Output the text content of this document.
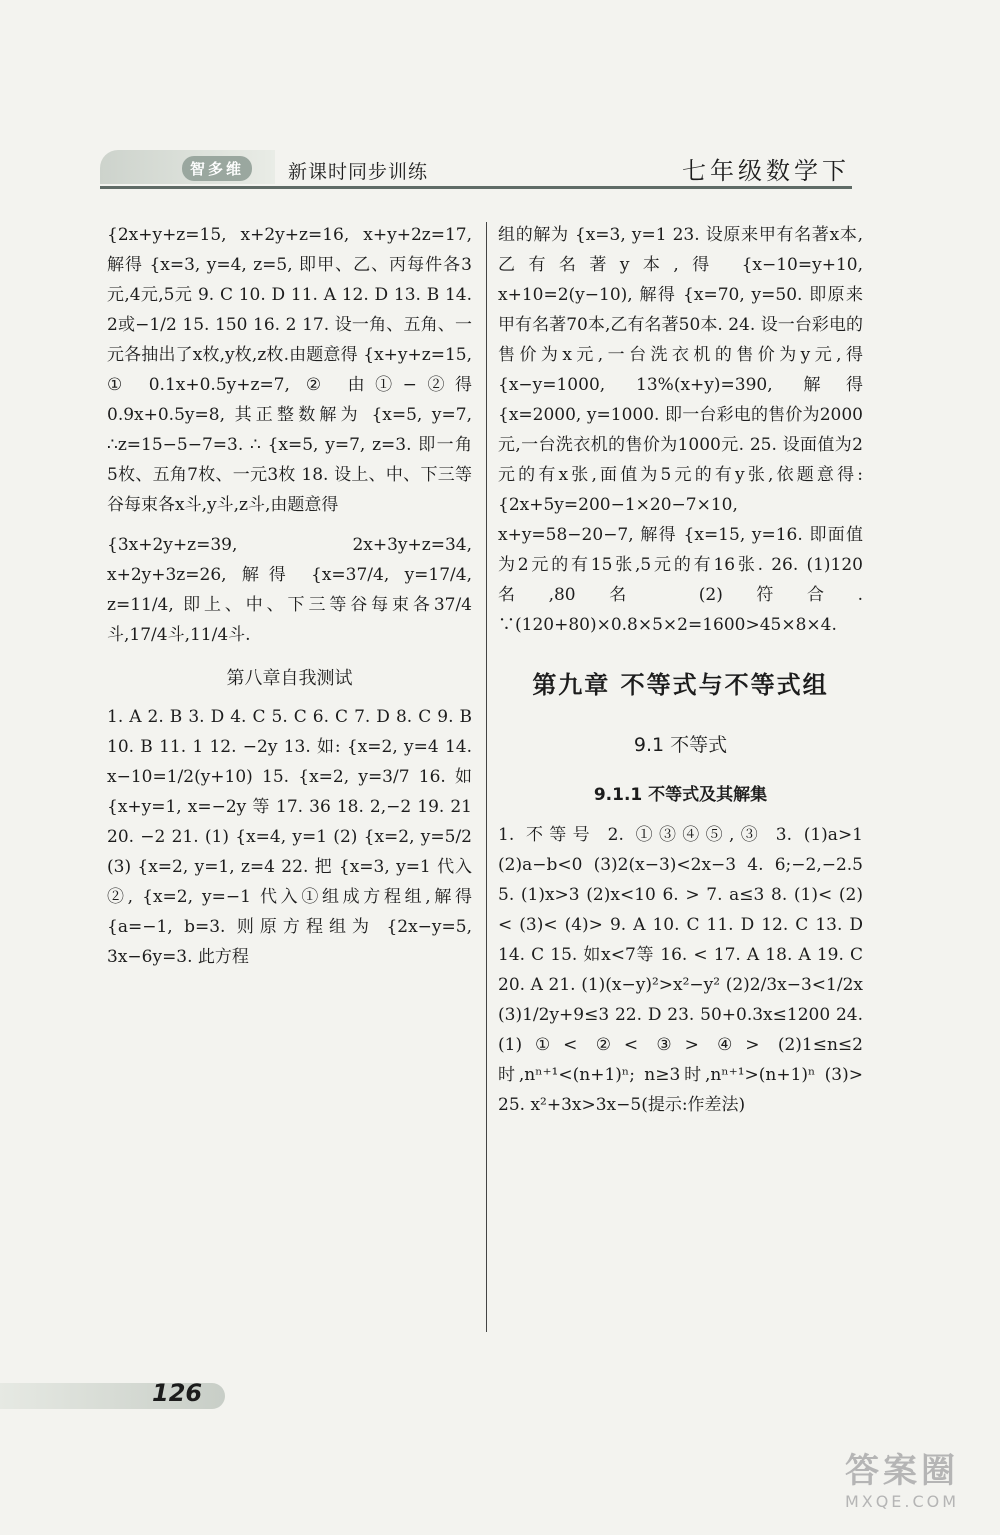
智多维	新课时同步训练	七年级数学下

{2x+y+z=15, x+2y+z=16, x+y+2z=17, 解得 {x=3, y=4, z=5, 即甲、乙、丙每件各3元,4元,5元 9. C 10. D 11. A 12. D 13. B 14. 2或−1/2 15. 150 16. 2 17. 设一角、五角、一元各抽出了x枚,y枚,z枚.由题意得 {x+y+z=15, ① 0.1x+0.5y+z=7, ② 由①−②得 0.9x+0.5y=8, 其正整数解为 {x=5, y=7, ∴z=15−5−7=3. ∴ {x=5, y=7, z=3. 即一角5枚、五角7枚、一元3枚 18. 设上、中、下三等谷每束各x斗,y斗,z斗,由题意得

{3x+2y+z=39, 2x+3y+z=34, x+2y+3z=26, 解得 {x=37/4, y=17/4, z=11/4, 即上、中、下三等谷每束各37/4斗,17/4斗,11/4斗.

第八章自我测试

1. A 2. B 3. D 4. C 5. C 6. C 7. D 8. C 9. B 10. B 11. 1 12. −2y 13. 如: {x=2, y=4 14. x−10=1/2(y+10) 15. {x=2, y=3/7 16. 如 {x+y=1, x=−2y 等 17. 36 18. 2,−2 19. 21 20. −2 21. (1) {x=4, y=1 (2) {x=2, y=5/2 (3) {x=2, y=1, z=4 22. 把 {x=3, y=1 代入②, {x=2, y=−1 代入①组成方程组,解得 {a=−1, b=3. 则原方程组为 {2x−y=5, 3x−6y=3. 此方程

组的解为 {x=3, y=1 23. 设原来甲有名著x本,乙有名著y本,得 {x−10=y+10, x+10=2(y−10), 解得 {x=70, y=50. 即原来甲有名著70本,乙有名著50本. 24. 设一台彩电的售价为x元,一台洗衣机的售价为y元,得 {x−y=1000, 13%(x+y)=390, 解得 {x=2000, y=1000. 即一台彩电的售价为2000元,一台洗衣机的售价为1000元. 25. 设面值为2元的有x张,面值为5元的有y张,依题意得: {2x+5y=200−1×20−7×10, x+y=58−20−7, 解得 {x=15, y=16. 即面值为2元的有15张,5元的有16张. 26. (1)120名,80名 (2)符合. ∵(120+80)×0.8×5×2=1600>45×8×4.

第九章 不等式与不等式组
9.1 不等式
9.1.1 不等式及其解集

1. 不等号 2. ①③④⑤,③ 3. (1)a>1 (2)a−b<0 (3)2(x−3)<2x−3 4. 6;−2,−2.5 5. (1)x>3 (2)x<10 6. > 7. a≤3 8. (1)< (2)< (3)< (4)> 9. A 10. C 11. D 12. C 13. D 14. C 15. 如x<7等 16. < 17. A 18. A 19. C 20. A 21. (1)(x−y)²>x²−y² (2)2/3x−3<1/2x (3)1/2y+9≤3 22. D 23. 50+0.3x≤1200 24. (1)①< ②< ③> ④> (2)1≤n≤2时,nⁿ⁺¹<(n+1)ⁿ; n≥3时,nⁿ⁺¹>(n+1)ⁿ (3)> 25. x²+3x>3x−5(提示:作差法)

126
答案圈
MXQE.COM
